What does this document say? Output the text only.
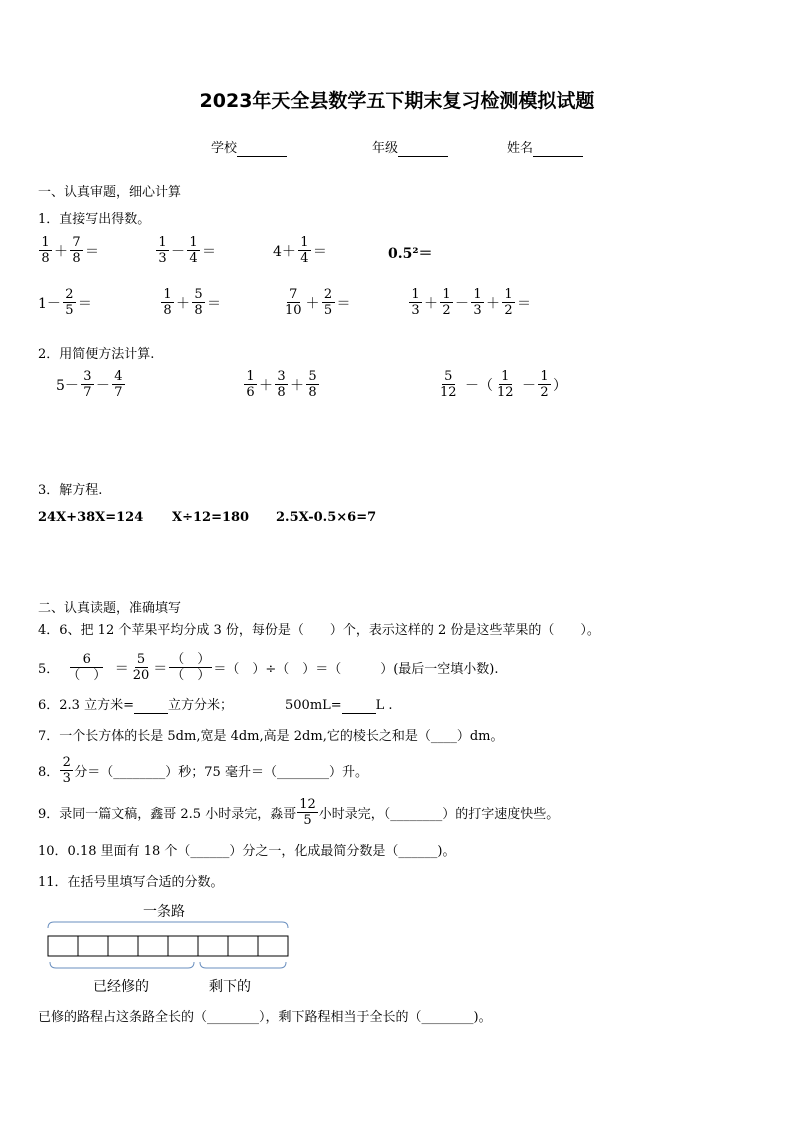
2023年天全县数学五下期末复习检测模拟试题
学校	年级	姓名
一、认真审题，细心计算
1．直接写出得数。
$\frac{1}{8} + \frac{7}{8}$ ＝	$\frac{1}{3} - \frac{1}{4}$ ＝	$4+ \frac{1}{4}$ ＝	0.5²＝
$1- \frac{2}{5}$ ＝	$\frac{1}{8} + \frac{5}{8}$ ＝	$\frac{7}{10} + \frac{2}{5}$ ＝	$\frac{1}{3} + \frac{1}{2} - \frac{1}{3} + \frac{1}{2}$ ＝
2．用简便方法计算.
$5- \frac{3}{7} - \frac{4}{7}$	$\frac{1}{6} + \frac{3}{8} + \frac{5}{8}$	$\frac{5}{12}$ －（ $\frac{1}{12} - \frac{1}{2}$ ）
3．解方程.
24X+38X=124 X÷12=180 2.5X-0.5×6=7
二、认真读题，准确填写
4．6、把 12 个苹果平均分成 3 份，每份是（　　）个，表示这样的 2 份是这些苹果的（　　）。
5． $\frac{6}{( )} = \frac{5}{20} = \frac{( )}{( )}$ ＝（　）÷（　）＝（　　　）(最后一空填小数).
6．2.3 立方米=	立方分米；	500mL=	L .
7．一个长方体的长是 5dm,宽是 4dm,高是 2dm,它的棱长之和是（____）dm。
8． $\frac{2}{3}$ 分＝（________）秒；75 毫升＝（________）升。
9．录同一篇文稿，鑫哥 2.5 小时录完，淼哥 $\frac{12}{5}$ 小时录完，（________）的打字速度快些。
10．0.18 里面有 18 个（______）分之一，化成最简分数是（______)。
11．在括号里填写合适的分数。
一条路
已经修的	剩下的
已修的路程占这条路全长的（________），剩下路程相当于全长的（________)。
